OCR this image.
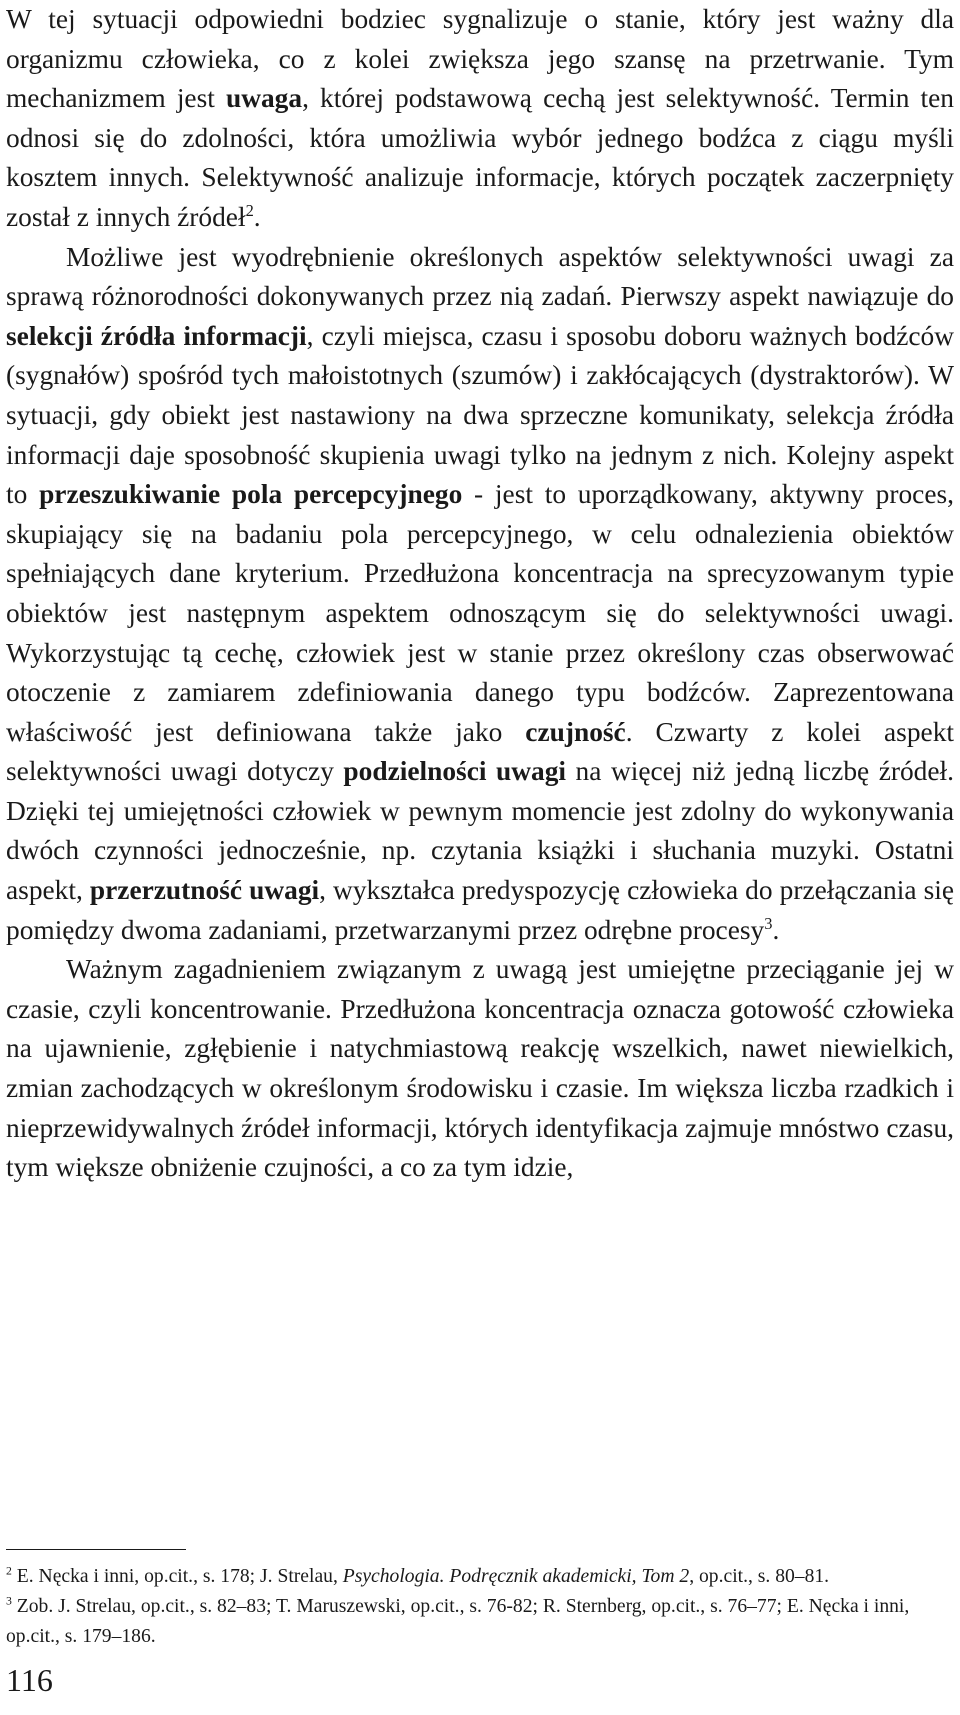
W tej sytuacji odpowiedni bodziec sygnalizuje o stanie, który jest ważny dla organizmu człowieka, co z kolei zwiększa jego szansę na przetrwanie. Tym mechanizmem jest uwaga, której podstawową cechą jest selektywność. Termin ten odnosi się do zdolności, która umożliwia wybór jednego bodźca z ciągu myśli kosztem innych. Selektywność analizuje informacje, których początek zaczerpnięty został z innych źródeł$^2$.

Możliwe jest wyodrębnienie określonych aspektów selektywności uwagi za sprawą różnorodności dokonywanych przez nią zadań. Pierwszy aspekt nawiązuje do selekcji źródła informacji, czyli miejsca, czasu i sposobu doboru ważnych bodźców (sygnałów) spośród tych małoistotnych (szumów) i zakłócających (dystraktorów). W sytuacji, gdy obiekt jest nastawiony na dwa sprzeczne komunikaty, selekcja źródła informacji daje sposobność skupienia uwagi tylko na jednym z nich. Kolejny aspekt to przeszukiwanie pola percepcyjnego - jest to uporządkowany, aktywny proces, skupiający się na badaniu pola percepcyjnego, w celu odnalezienia obiektów spełniających dane kryterium. Przedłużona koncentracja na sprecyzowanym typie obiektów jest następnym aspektem odnoszącym się do selektywności uwagi. Wykorzystując tą cechę, człowiek jest w stanie przez określony czas obserwować otoczenie z zamiarem zdefiniowania danego typu bodźców. Zaprezentowana właściwość jest definiowana także jako czujność. Czwarty z kolei aspekt selektywności uwagi dotyczy podzielności uwagi na więcej niż jedną liczbę źródeł. Dzięki tej umiejętności człowiek w pewnym momencie jest zdolny do wykonywania dwóch czynności jednocześnie, np. czytania książki i słuchania muzyki. Ostatni aspekt, przerzutność uwagi, wykształca predyspozycję człowieka do przełączania się pomiędzy dwoma zadaniami, przetwarzanymi przez odrębne procesy$^3$.

Ważnym zagadnieniem związanym z uwagą jest umiejętne przeciąganie jej w czasie, czyli koncentrowanie. Przedłużona koncentracja oznacza gotowość człowieka na ujawnienie, zgłębienie i natychmiastową reakcję wszelkich, nawet niewielkich, zmian zachodzących w określonym środowisku i czasie. Im większa liczba rzadkich i nieprzewidywalnych źródeł informacji, których identyfikacja zajmuje mnóstwo czasu, tym większe obniżenie czujności, a co za tym idzie,

$^2$ E. Nęcka i inni, op.cit., s. 178; J. Strelau, Psychologia. Podręcznik akademicki, Tom 2, op.cit., s. 80–81.

$^3$ Zob. J. Strelau, op.cit., s. 82–83; T. Maruszewski, op.cit., s. 76-82; R. Sternberg, op.cit., s. 76–77; E. Nęcka i inni, op.cit., s. 179–186.

116
